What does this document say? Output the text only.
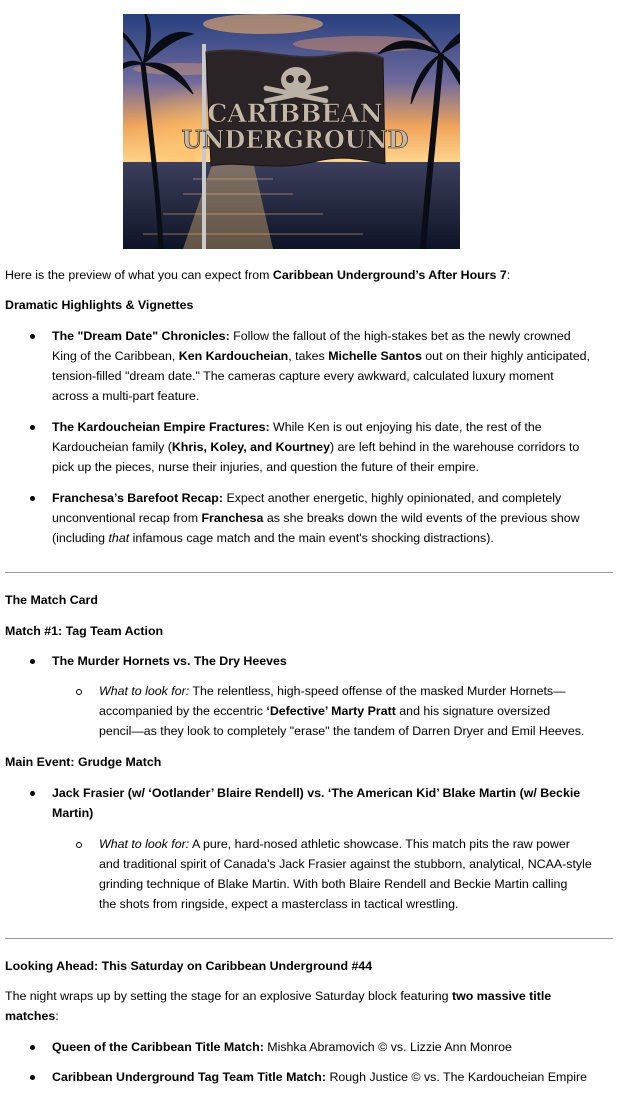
CARIBBEAN
UNDERGROUND
Here is the preview of what you can expect from Caribbean Underground’s After Hours 7:
Dramatic Highlights & Vignettes
The "Dream Date" Chronicles: Follow the fallout of the high-stakes bet as the newly crowned
King of the Caribbean, Ken Kardoucheian, takes Michelle Santos out on their highly anticipated,
tension-filled "dream date." The cameras capture every awkward, calculated luxury moment
across a multi-part feature.
The Kardoucheian Empire Fractures: While Ken is out enjoying his date, the rest of the
Kardoucheian family (Khris, Koley, and Kourtney) are left behind in the warehouse corridors to
pick up the pieces, nurse their injuries, and question the future of their empire.
Franchesa’s Barefoot Recap: Expect another energetic, highly opinionated, and completely
unconventional recap from Franchesa as she breaks down the wild events of the previous show
(including that infamous cage match and the main event's shocking distractions).
The Match Card
Match #1: Tag Team Action
The Murder Hornets vs. The Dry Heeves
What to look for: The relentless, high-speed offense of the masked Murder Hornets—
accompanied by the eccentric ‘Defective’ Marty Pratt and his signature oversized
pencil—as they look to completely "erase" the tandem of Darren Dryer and Emil Heeves.
Main Event: Grudge Match
Jack Frasier (w/ ‘Ootlander’ Blaire Rendell) vs. ‘The American Kid’ Blake Martin (w/ Beckie
Martin)
What to look for: A pure, hard-nosed athletic showcase. This match pits the raw power
and traditional spirit of Canada's Jack Frasier against the stubborn, analytical, NCAA-style
grinding technique of Blake Martin. With both Blaire Rendell and Beckie Martin calling
the shots from ringside, expect a masterclass in tactical wrestling.
Looking Ahead: This Saturday on Caribbean Underground #44
The night wraps up by setting the stage for an explosive Saturday block featuring two massive title
matches:
Queen of the Caribbean Title Match: Mishka Abramovich © vs. Lizzie Ann Monroe
Caribbean Underground Tag Team Title Match: Rough Justice © vs. The Kardoucheian Empire
